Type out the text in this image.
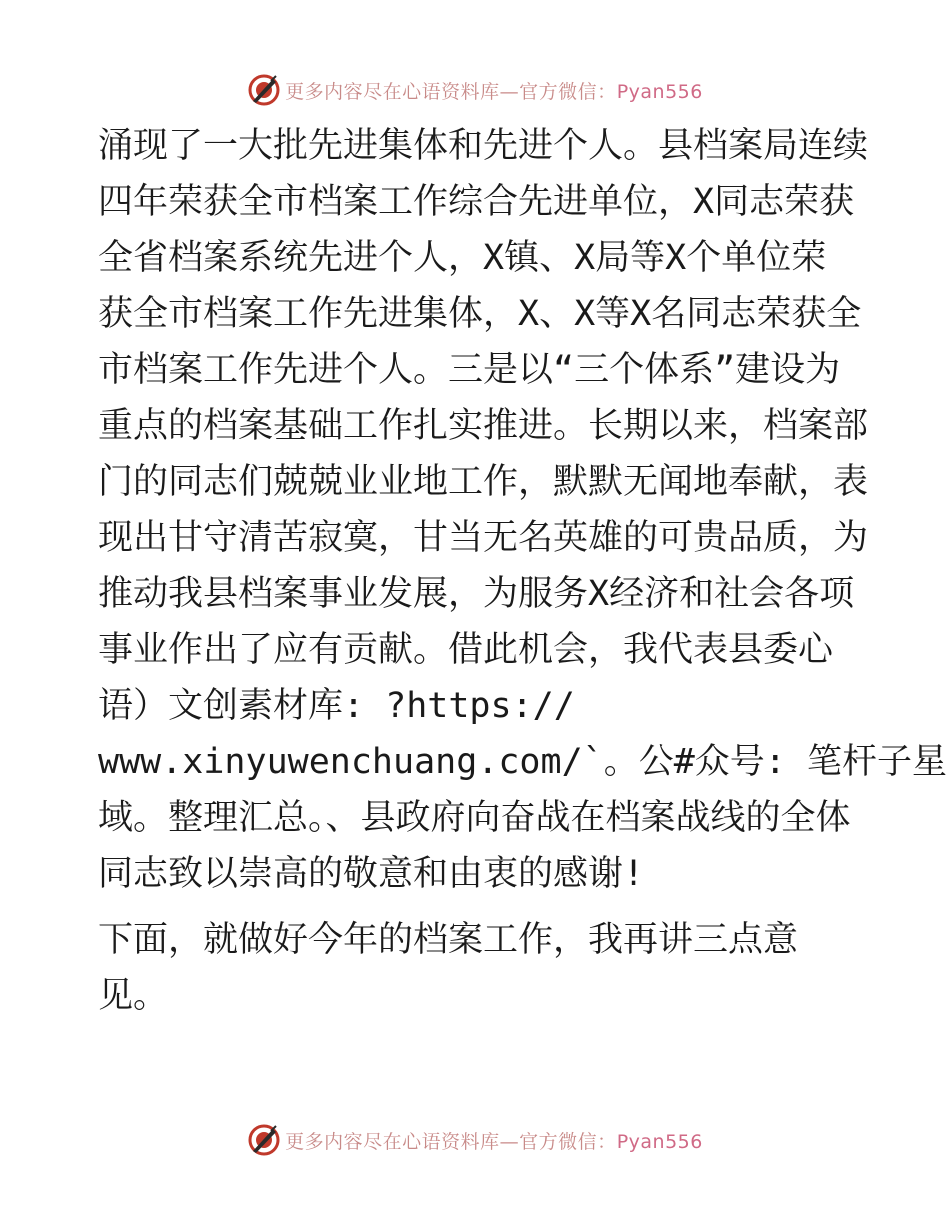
更多内容尽在心语资料库—官方微信：Pyan556
涌现了一大批先进集体和先进个人。县档案局连续
四年荣获全市档案工作综合先进单位，X同志荣获
全省档案系统先进个人，X镇、X局等X个单位荣
获全市档案工作先进集体，X、X等X名同志荣获全
市档案工作先进个人。三是以“三个体系”建设为
重点的档案基础工作扎实推进。长期以来，档案部
门的同志们兢兢业业地工作，默默无闻地奉献，表
现出甘守清苦寂寞，甘当无名英雄的可贵品质，为
推动我县档案事业发展，为服务X经济和社会各项
事业作出了应有贡献。借此机会，我代表县委心
语）文创素材库: ?https://
www.xinyuwenchuang.com/`。公#众号: 笔杆子星
域。整理汇总。、县政府向奋战在档案战线的全体
同志致以崇高的敬意和由衷的感谢!
下面，就做好今年的档案工作，我再讲三点意
见。
更多内容尽在心语资料库—官方微信：Pyan556
